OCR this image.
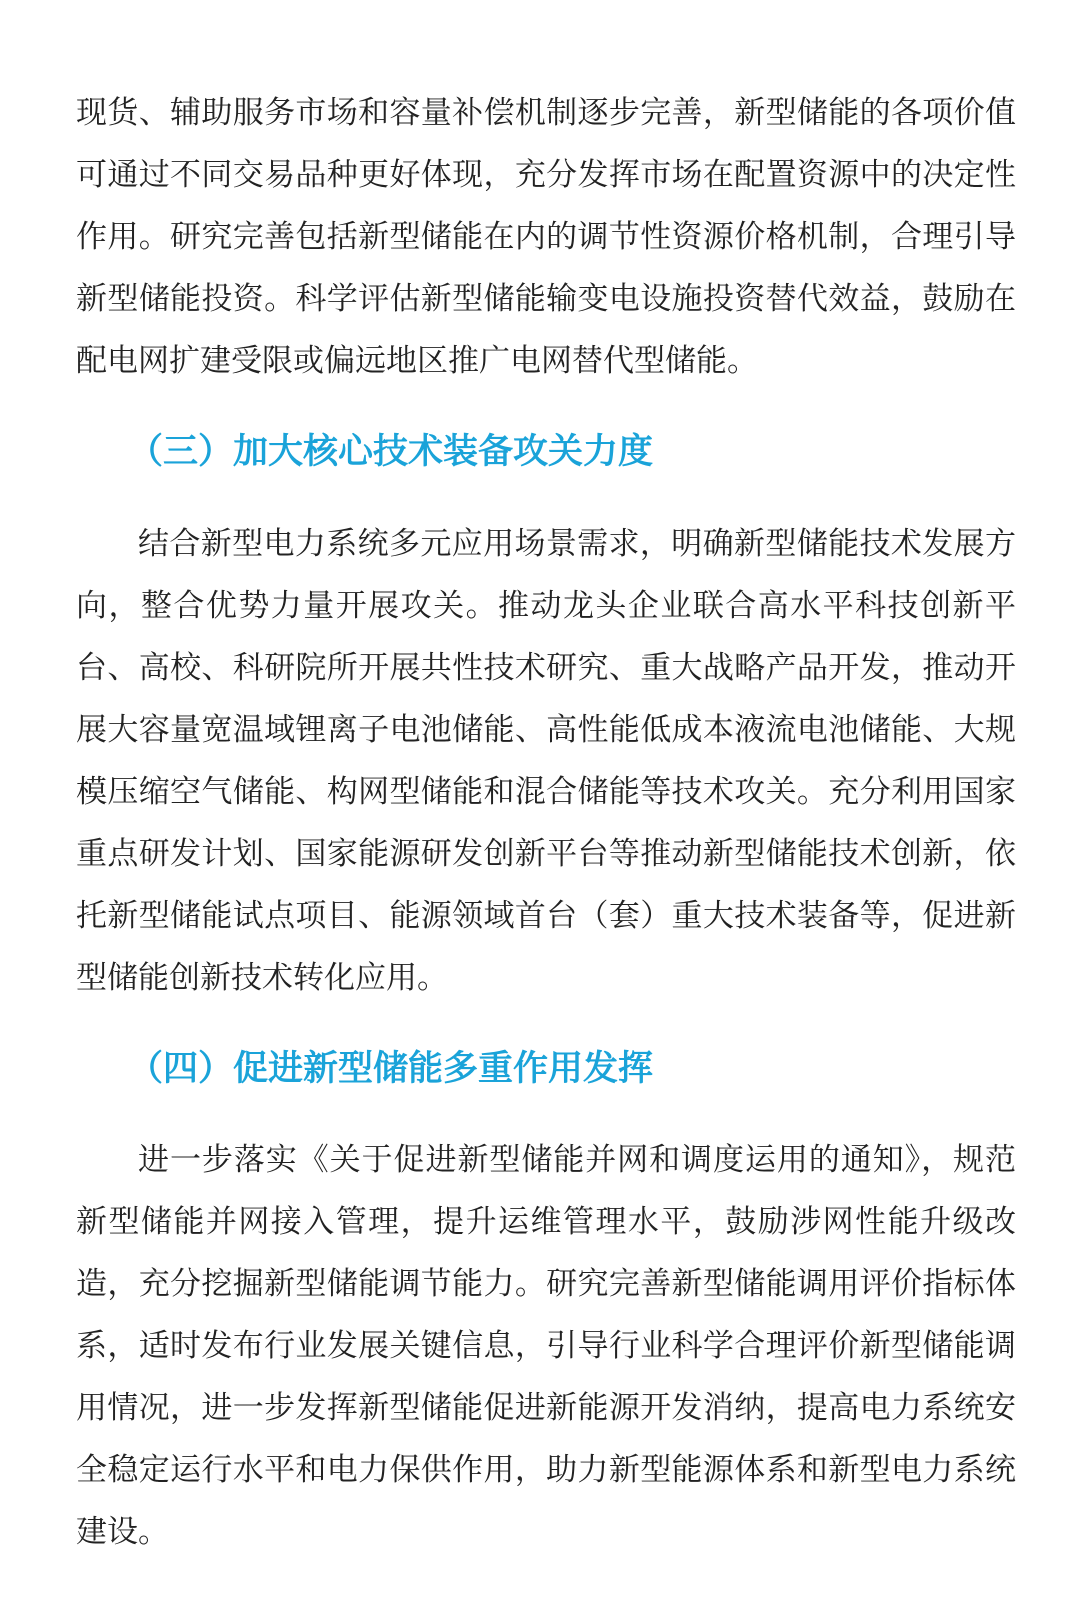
现货、辅助服务市场和容量补偿机制逐步完善，新型储能的各项价值可通过不同交易品种更好体现，充分发挥市场在配置资源中的决定性作用。研究完善包括新型储能在内的调节性资源价格机制，合理引导新型储能投资。科学评估新型储能输变电设施投资替代效益，鼓励在配电网扩建受限或偏远地区推广电网替代型储能。

（三）加大核心技术装备攻关力度

结合新型电力系统多元应用场景需求，明确新型储能技术发展方向，整合优势力量开展攻关。推动龙头企业联合高水平科技创新平台、高校、科研院所开展共性技术研究、重大战略产品开发，推动开展大容量宽温域锂离子电池储能、高性能低成本液流电池储能、大规模压缩空气储能、构网型储能和混合储能等技术攻关。充分利用国家重点研发计划、国家能源研发创新平台等推动新型储能技术创新，依托新型储能试点项目、能源领域首台（套）重大技术装备等，促进新型储能创新技术转化应用。

（四）促进新型储能多重作用发挥

进一步落实《关于促进新型储能并网和调度运用的通知》，规范新型储能并网接入管理，提升运维管理水平，鼓励涉网性能升级改造，充分挖掘新型储能调节能力。研究完善新型储能调用评价指标体系，适时发布行业发展关键信息，引导行业科学合理评价新型储能调用情况，进一步发挥新型储能促进新能源开发消纳，提高电力系统安全稳定运行水平和电力保供作用，助力新型能源体系和新型电力系统建设。
